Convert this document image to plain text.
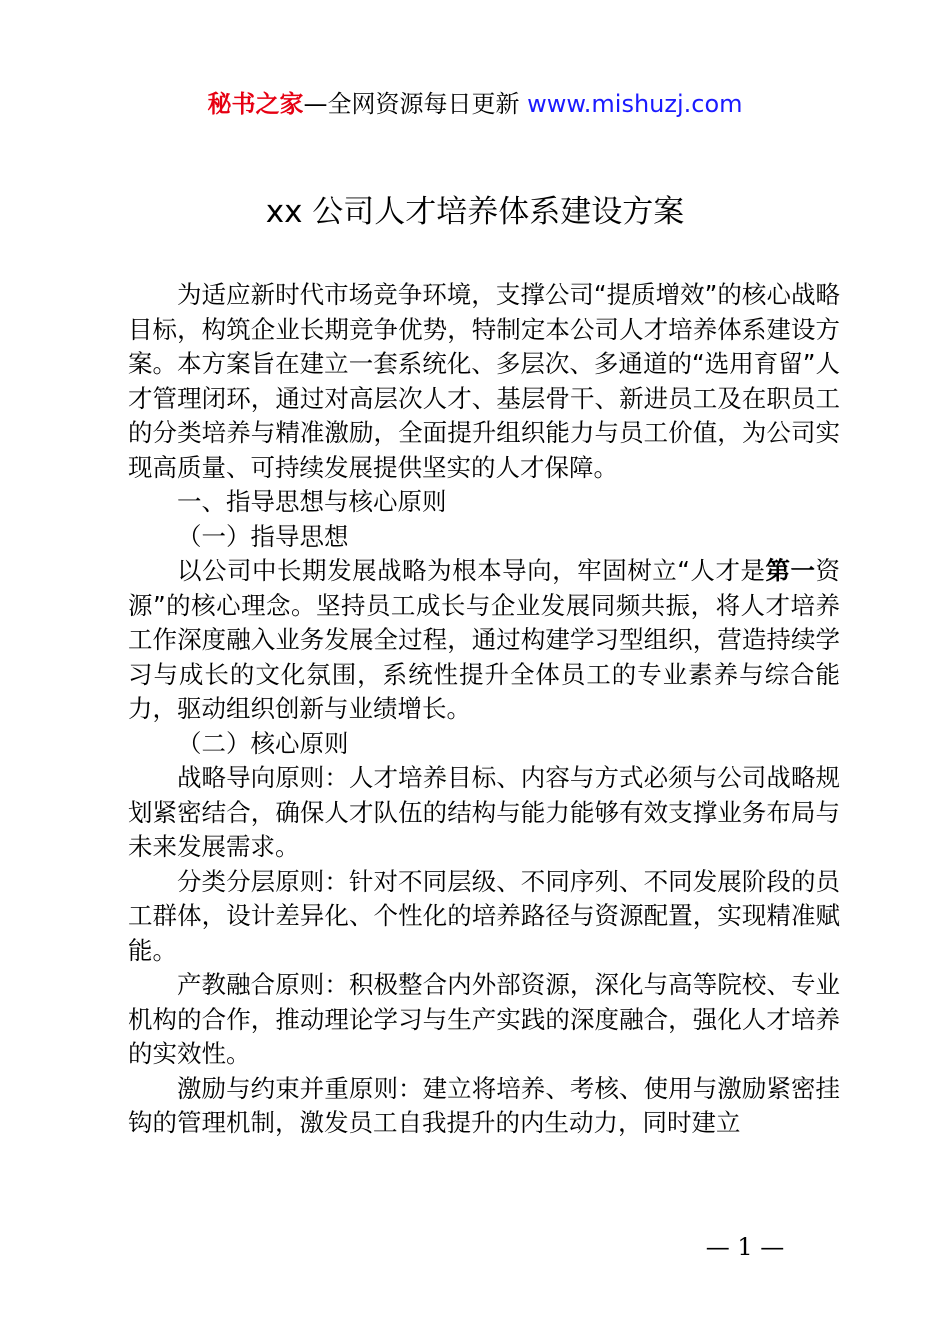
秘书之家—全网资源每日更新 www.mishuzj.com
xx 公司人才培养体系建设方案

为适应新时代市场竞争环境，支撑公司“提质增效”的核心战略目标，构筑企业长期竞争优势，特制定本公司人才培养体系建设方案。本方案旨在建立一套系统化、多层次、多通道的“选用育留”人才管理闭环，通过对高层次人才、基层骨干、新进员工及在职员工的分类培养与精准激励，全面提升组织能力与员工价值，为公司实现高质量、可持续发展提供坚实的人才保障。

一、指导思想与核心原则

（一）指导思想

以公司中长期发展战略为根本导向，牢固树立“人才是第一资源”的核心理念。坚持员工成长与企业发展同频共振，将人才培养工作深度融入业务发展全过程，通过构建学习型组织，营造持续学习与成长的文化氛围，系统性提升全体员工的专业素养与综合能力，驱动组织创新与业绩增长。

（二）核心原则

战略导向原则：人才培养目标、内容与方式必须与公司战略规划紧密结合，确保人才队伍的结构与能力能够有效支撑业务布局与未来发展需求。

分类分层原则：针对不同层级、不同序列、不同发展阶段的员工群体，设计差异化、个性化的培养路径与资源配置，实现精准赋能。

产教融合原则：积极整合内外部资源，深化与高等院校、专业机构的合作，推动理论学习与生产实践的深度融合，强化人才培养的实效性。

激励与约束并重原则：建立将培养、考核、使用与激励紧密挂钩的管理机制，激发员工自我提升的内生动力，同时建立

— 1 —
